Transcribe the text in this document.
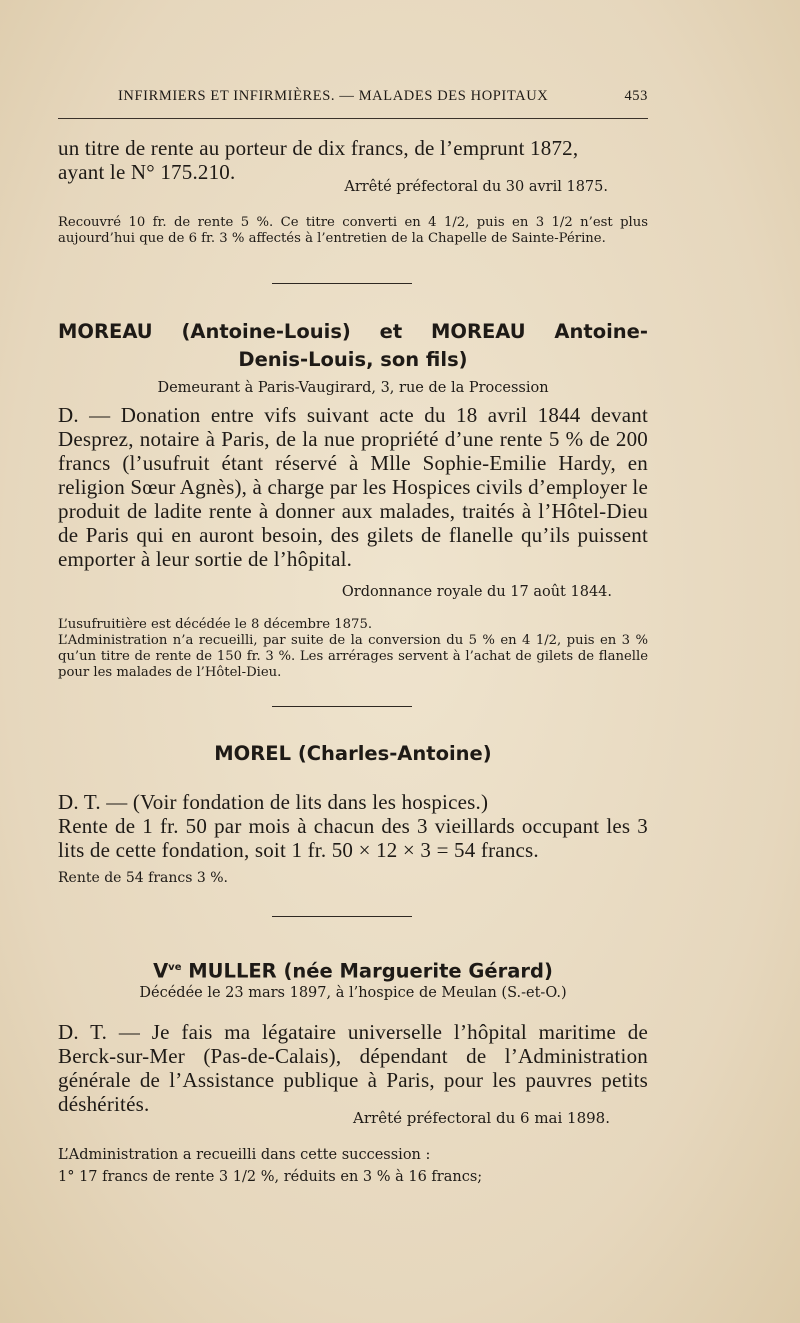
INFIRMIERS ET INFIRMIÈRES. — MALADES DES HOPITAUX	453

un titre de rente au porteur de dix francs, de l’emprunt 1872,

ayant le N° 175.210.

Arrêté préfectoral du 30 avril 1875.

Recouvré 10 fr. de rente 5 %. Ce titre converti en 4 1/2, puis en 3 1/2 n’est plus aujourd’hui que de 6 fr. 3 % affectés à l’entretien de la Chapelle de Sainte-Périne.

MOREAU (Antoine-Louis) et MOREAU Antoine-

Denis-Louis, son fils)

Demeurant à Paris-Vaugirard, 3, rue de la Procession

D. — Donation entre vifs suivant acte du 18 avril 1844 devant Desprez, notaire à Paris, de la nue propriété d’une rente 5 % de 200 francs (l’usufruit étant réservé à Mlle Sophie-Emilie Hardy, en religion Sœur Agnès), à charge par les Hospices civils d’employer le produit de ladite rente à donner aux malades, traités à l’Hôtel-Dieu de Paris qui en auront besoin, des gilets de flanelle qu’ils puissent emporter à leur sortie de l’hôpital.

Ordonnance royale du 17 août 1844.

L’usufruitière est décédée le 8 décembre 1875.

L’Administration n’a recueilli, par suite de la conversion du 5 % en 4 1/2, puis en 3 % qu’un titre de rente de 150 fr. 3 %. Les arrérages servent à l’achat de gilets de flanelle pour les malades de l’Hôtel-Dieu.

MOREL (Charles-Antoine)

D. T. — (Voir fondation de lits dans les hospices.)

Rente de 1 fr. 50 par mois à chacun des 3 vieillards occupant les 3 lits de cette fondation, soit 1 fr. 50 × 12 × 3 = 54 francs.

Rente de 54 francs 3 %.

$V^{ve}$ MULLER (née Marguerite Gérard)

Décédée le 23 mars 1897, à l’hospice de Meulan (S.-et-O.)

D. T. — Je fais ma légataire universelle l’hôpital maritime de Berck-sur-Mer (Pas-de-Calais), dépendant de l’Administration générale de l’Assistance publique à Paris, pour les pauvres petits déshérités.

Arrêté préfectoral du 6 mai 1898.

L’Administration a recueilli dans cette succession :

1° 17 francs de rente 3 1/2 %, réduits en 3 % à 16 francs;
